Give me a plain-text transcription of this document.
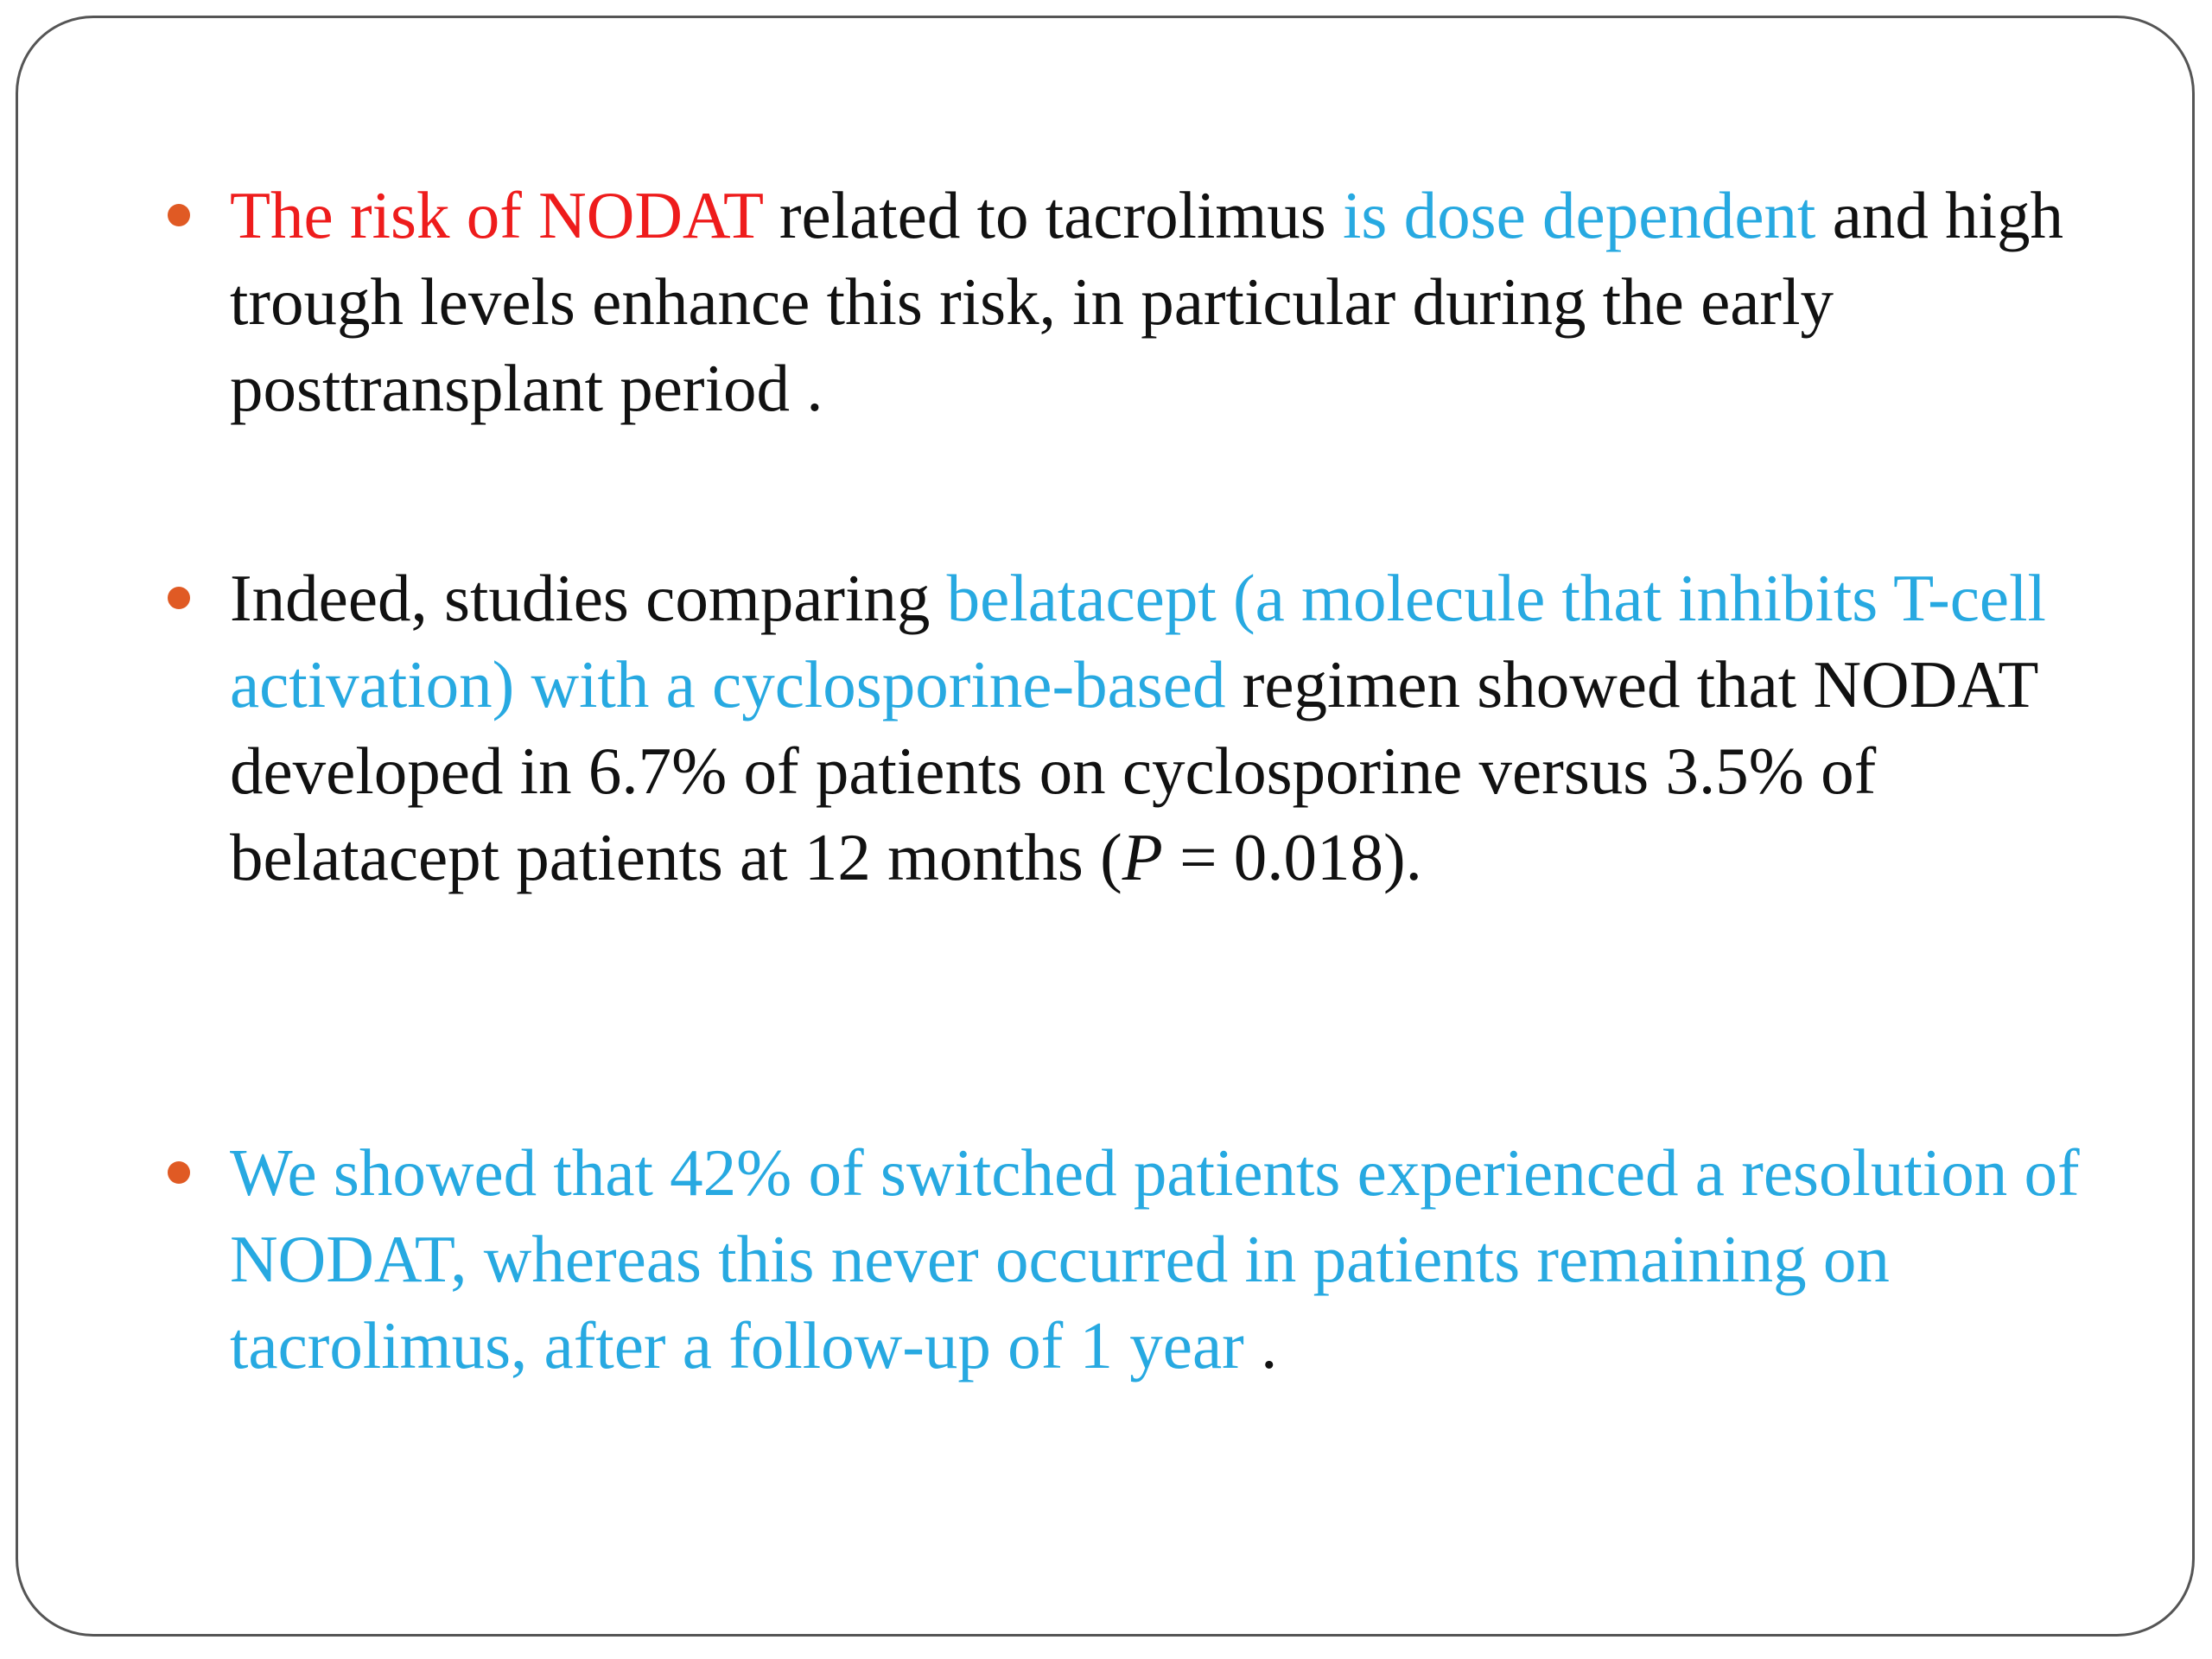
The risk of NODAT related to tacrolimus is dose dependent and high trough levels enhance this risk, in particular during the early posttransplant period .
Indeed, studies comparing belatacept (a molecule that inhibits T-cell activation) with a cyclosporine-based regimen showed that NODAT developed in 6.7% of patients on cyclosporine versus 3.5% of belatacept patients at 12 months (P = 0.018).
We showed that 42% of switched patients experienced a resolution of NODAT, whereas this never occurred in patients remaining on tacrolimus, after a follow-up of 1 year .
